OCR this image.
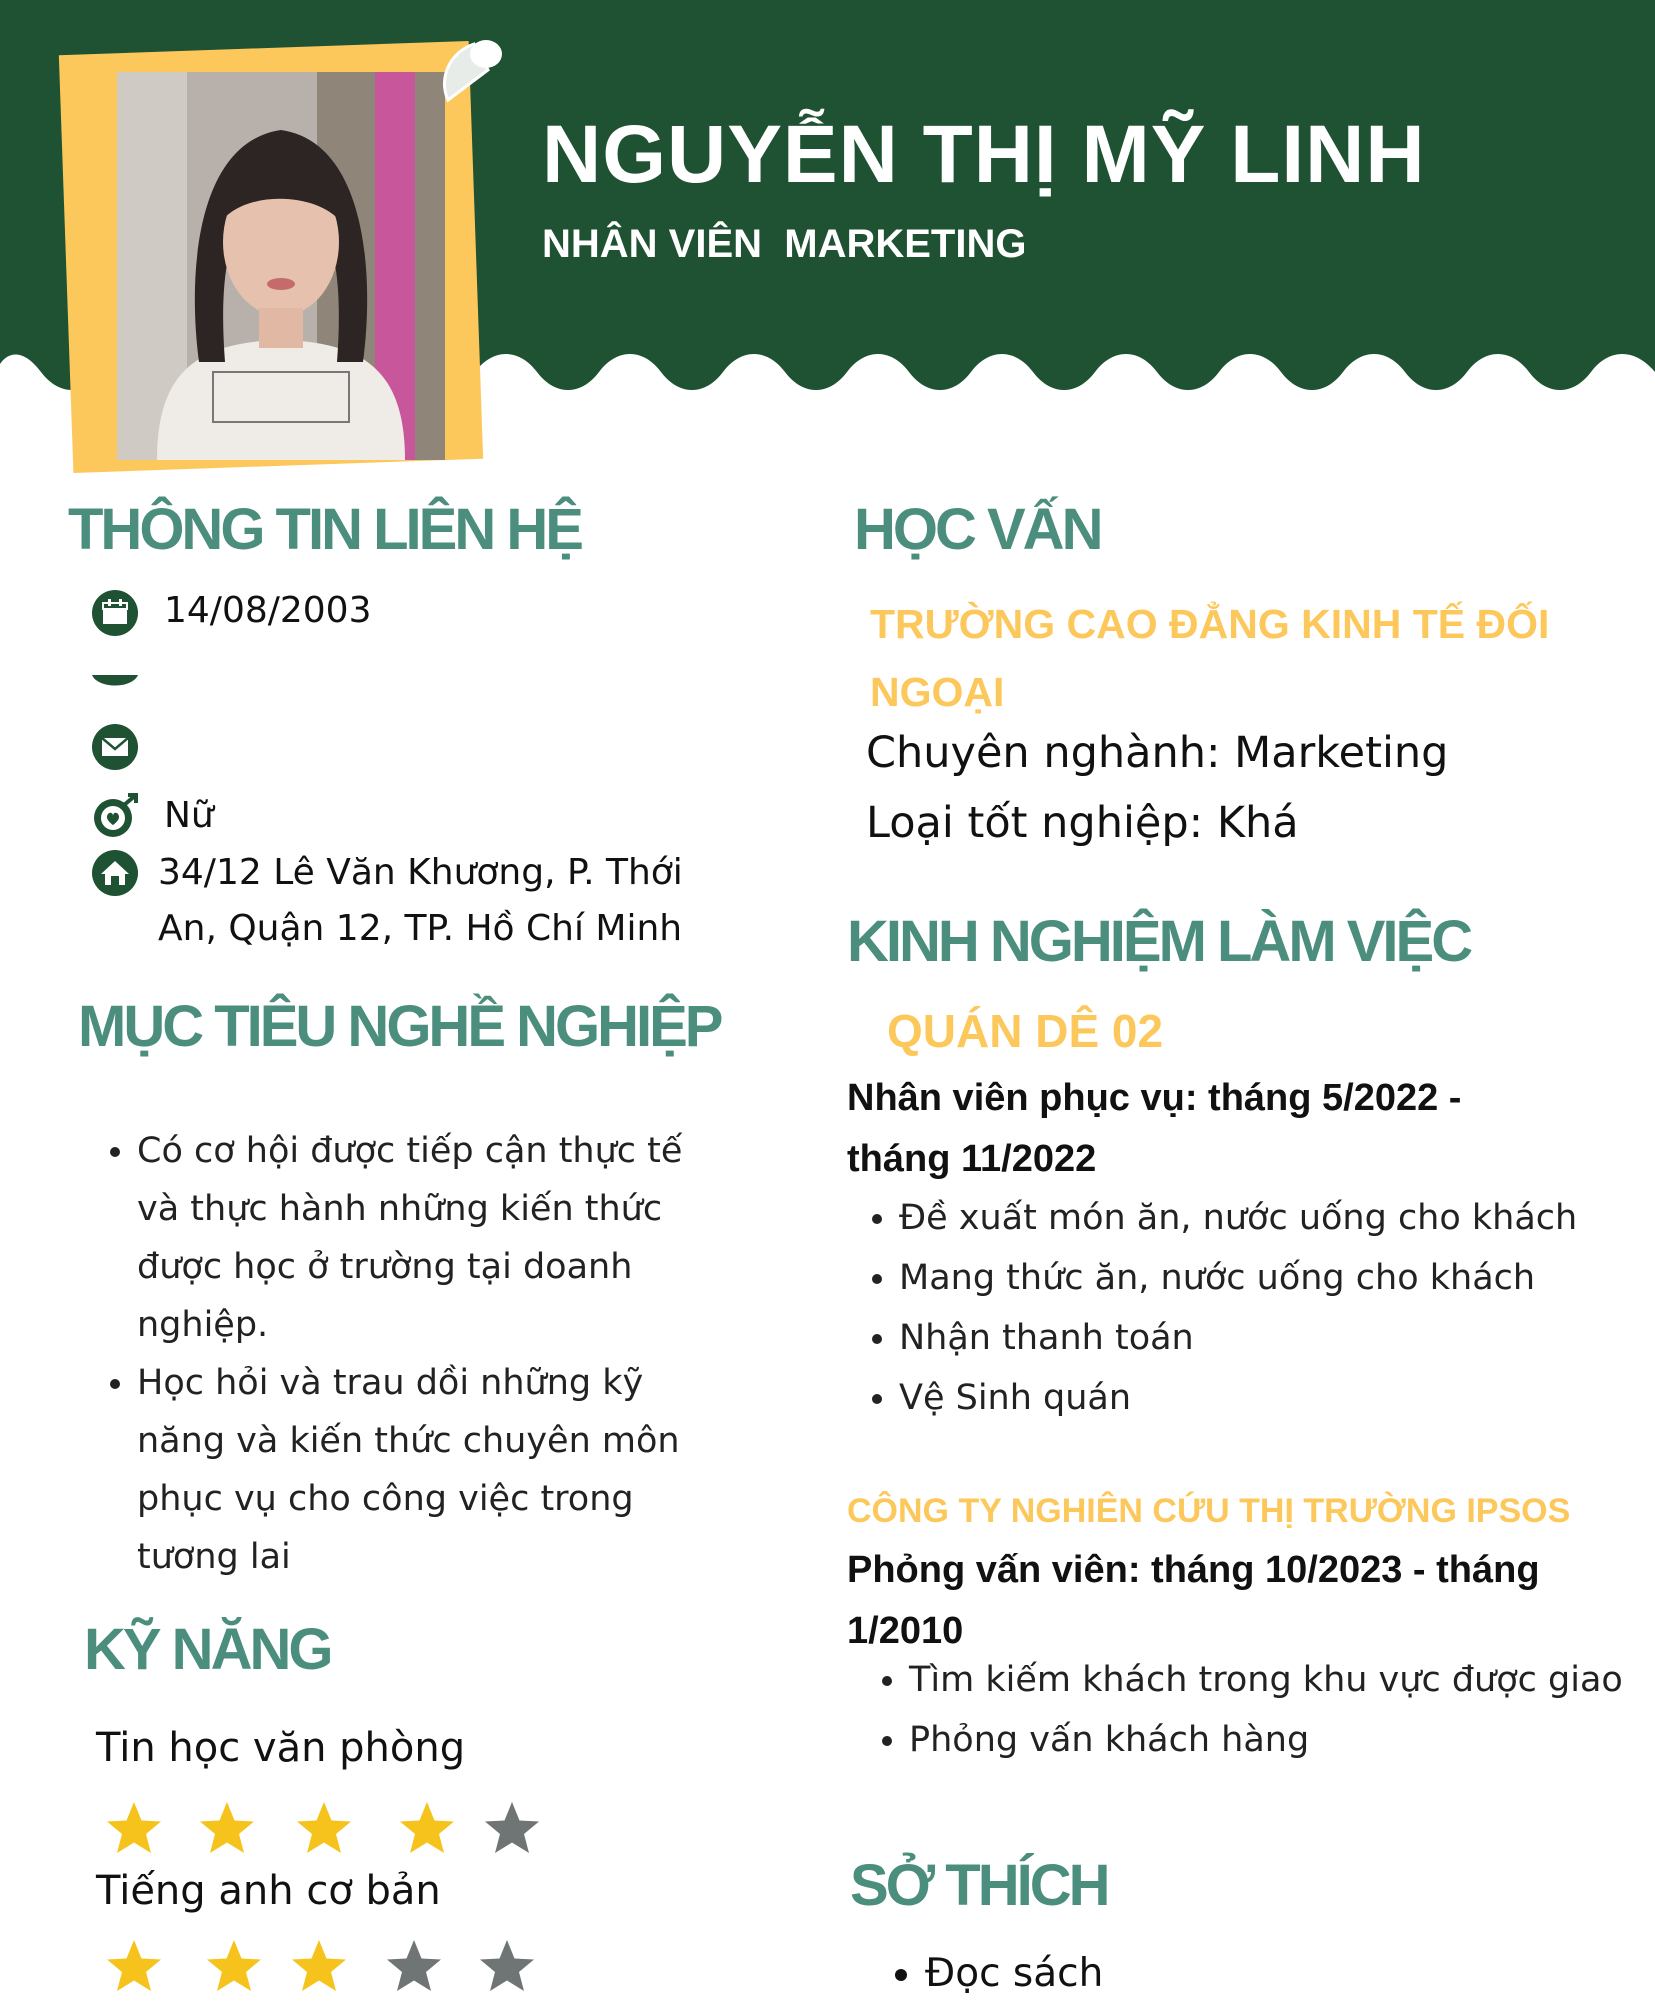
NGUYỄN THỊ MỸ LINH
NHÂN VIÊN  MARKETING
THÔNG TIN LIÊN HỆ
14/08/2003
Nữ
34/12 Lê Văn Khương, P. Thới
An, Quận 12, TP. Hồ Chí Minh
MỤC TIÊU NGHỀ NGHIỆP
• Có cơ hội được tiếp cận thực tế và thực hành những kiến thức được học ở trường tại doanh nghiệp.
• Học hỏi và trau dồi những kỹ năng và kiến thức chuyên môn phục vụ cho công việc trong tương lai
KỸ NĂNG
Tin học văn phòng
Tiếng anh cơ bản
HỌC VẤN
TRƯỜNG CAO ĐẲNG KINH TẾ ĐỐI NGOẠI
Chuyên nghành: Marketing
Loại tốt nghiệp: Khá
KINH NGHIỆM LÀM VIỆC
QUÁN DÊ 02
Nhân viên phục vụ: tháng 5/2022 - tháng 11/2022
• Đề xuất món ăn, nước uống cho khách
• Mang thức ăn, nước uống cho khách
• Nhận thanh toán
• Vệ Sinh quán
CÔNG TY NGHIÊN CỨU THỊ TRƯỜNG IPSOS
Phỏng vấn viên: tháng 10/2023 - tháng 1/2010
• Tìm kiếm khách trong khu vực được giao
• Phỏng vấn khách hàng
SỞ THÍCH
• Đọc sách
